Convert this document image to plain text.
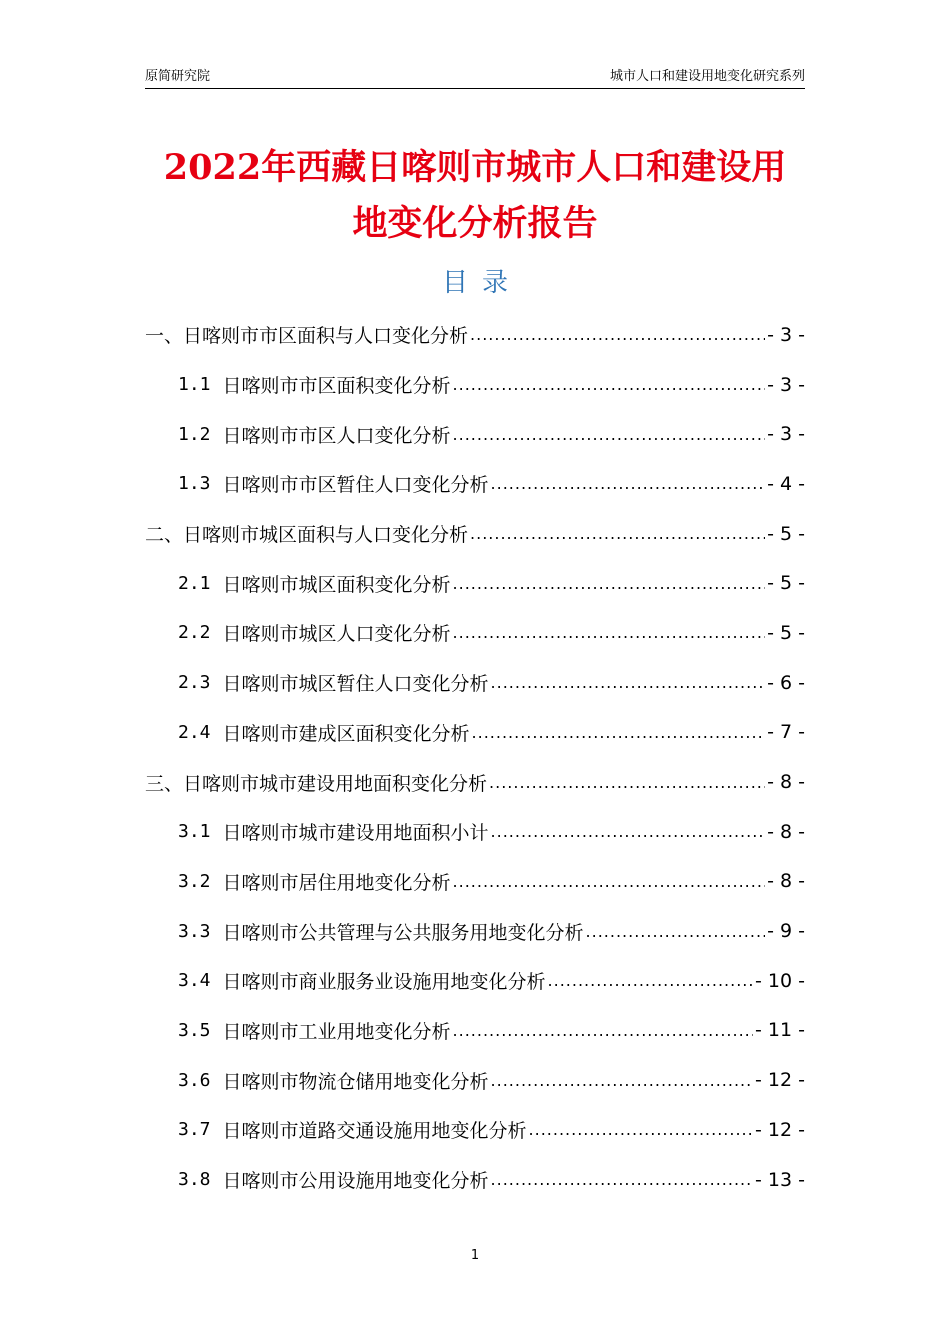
原简研究院	城市人口和建设用地变化研究系列
2022年西藏日喀则市城市人口和建设用
地变化分析报告
目录
一、日喀则市市区面积与人口变化分析 .....	- 3 -
1.1 日喀则市市区面积变化分析 .....	- 3 -
1.2 日喀则市市区人口变化分析 .....	- 3 -
1.3 日喀则市市区暂住人口变化分析 .....	- 4 -
二、日喀则市城区面积与人口变化分析 .....	- 5 -
2.1 日喀则市城区面积变化分析 .....	- 5 -
2.2 日喀则市城区人口变化分析 .....	- 5 -
2.3 日喀则市城区暂住人口变化分析 .....	- 6 -
2.4 日喀则市建成区面积变化分析 .....	- 7 -
三、日喀则市城市建设用地面积变化分析 .....	- 8 -
3.1 日喀则市城市建设用地面积小计 .....	- 8 -
3.2 日喀则市居住用地变化分析 .....	- 8 -
3.3 日喀则市公共管理与公共服务用地变化分析 .....	- 9 -
3.4 日喀则市商业服务业设施用地变化分析 .....	- 10 -
3.5 日喀则市工业用地变化分析 .....	- 11 -
3.6 日喀则市物流仓储用地变化分析 .....	- 12 -
3.7 日喀则市道路交通设施用地变化分析 .....	- 12 -
3.8 日喀则市公用设施用地变化分析 .....	- 13 -
1
